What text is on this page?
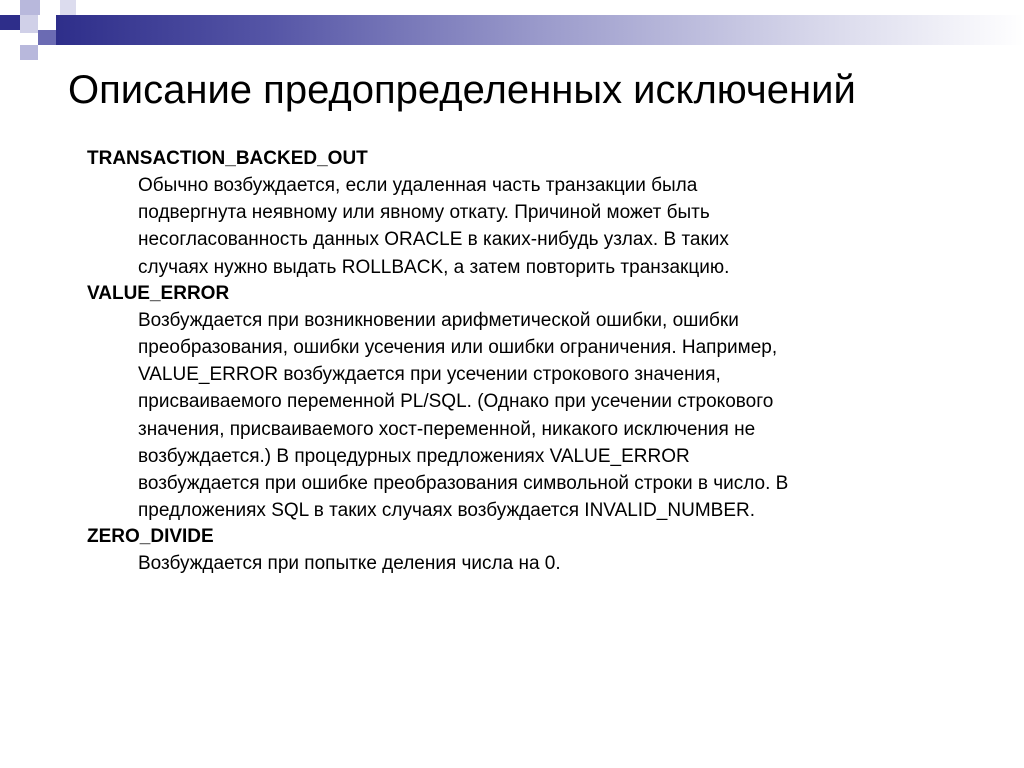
Описание предопределенных исключений

TRANSACTION_BACKED_OUT

Обычно возбуждается, если удаленная часть транзакции была
подвергнута неявному или явному откату. Причиной может быть
несогласованность данных ORACLE в каких-нибудь узлах. В таких
случаях нужно выдать ROLLBACK, а затем повторить транзакцию.

VALUE_ERROR

Возбуждается при возникновении арифметической ошибки, ошибки
преобразования, ошибки усечения или ошибки ограничения. Например,
VALUE_ERROR возбуждается при усечении строкового значения,
присваиваемого переменной PL/SQL. (Однако при усечении строкового
значения, присваиваемого хост-переменной, никакого исключения не
возбуждается.) В процедурных предложениях VALUE_ERROR
возбуждается при ошибке преобразования символьной строки в число. В
предложениях SQL в таких случаях возбуждается INVALID_NUMBER.

ZERO_DIVIDE

Возбуждается при попытке деления числа на 0.
